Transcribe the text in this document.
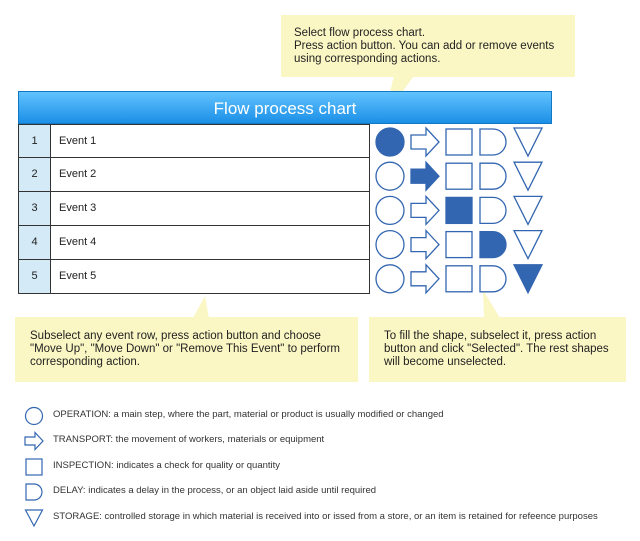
Select flow process chart.
Press action button. You can add or remove events
using corresponding actions.
Subselect any event row, press action button and choose
"Move Up", "Move Down" or "Remove This Event" to perform
corresponding action.
To fill the shape, subselect it, press action
button and click "Selected". The rest shapes
will become unselected.
Flow process chart
1	Event 1
2	Event 2
3	Event 3
4	Event 4
5	Event 5
OPERATION: a main step, where the part, material or product is usually modified or changed
TRANSPORT: the movement of workers, materials or equipment
INSPECTION: indicates a check for quality or quantity
DELAY: indicates a delay in the process, or an object laid aside until required
STORAGE: controlled storage in which material is received into or issed from a store, or an item is retained for refeence purposes
